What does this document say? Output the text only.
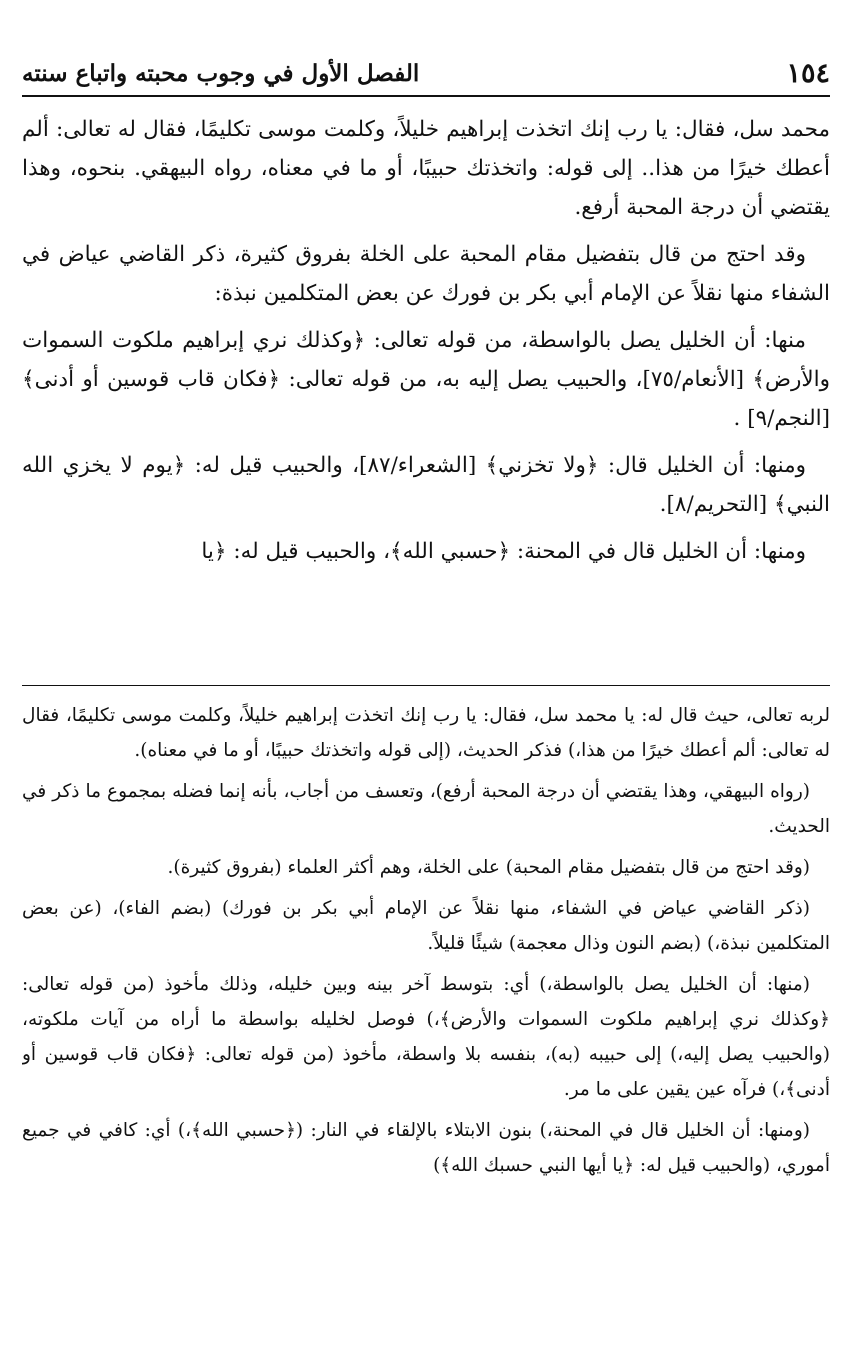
١٥٤
الفصل الأول في وجوب محبته واتباع سنته

محمد سل، فقال: يا رب إنك اتخذت إبراهيم خليلاً، وكلمت موسى تكليمًا، فقال له تعالى: ألم أعطك خيرًا من هذا.. إلى قوله: واتخذتك حبيبًا، أو ما في معناه، رواه البيهقي. بنحوه، وهذا يقتضي أن درجة المحبة أرفع.

وقد احتج من قال بتفضيل مقام المحبة على الخلة بفروق كثيرة، ذكر القاضي عياض في الشفاء منها نقلاً عن الإمام أبي بكر بن فورك عن بعض المتكلمين نبذة:

منها: أن الخليل يصل بالواسطة، من قوله تعالى: ﴿وكذلك نري إبراهيم ملكوت السموات والأرض﴾ [الأنعام/٧٥]، والحبيب يصل إليه به، من قوله تعالى: ﴿فكان قاب قوسين أو أدنى﴾ [النجم/٩] .

ومنها: أن الخليل قال: ﴿ولا تخزني﴾ [الشعراء/٨٧]، والحبيب قيل له: ﴿يوم لا يخزي الله النبي﴾ [التحريم/٨].

ومنها: أن الخليل قال في المحنة: ﴿حسبي الله﴾، والحبيب قيل له: ﴿يا

لربه تعالى، حيث قال له: يا محمد سل، فقال: يا رب إنك اتخذت إبراهيم خليلاً، وكلمت موسى تكليمًا، فقال له تعالى: ألم أعطك خيرًا من هذا،) فذكر الحديث، (إلى قوله واتخذتك حبيبًا، أو ما في معناه).

(رواه البيهقي، وهذا يقتضي أن درجة المحبة أرفع)، وتعسف من أجاب، بأنه إنما فضله بمجموع ما ذكر في الحديث.

(وقد احتج من قال بتفضيل مقام المحبة) على الخلة، وهم أكثر العلماء (بفروق كثيرة).

(ذكر القاضي عياض في الشفاء، منها نقلاً عن الإمام أبي بكر بن فورك) (بضم الفاء)، (عن بعض المتكلمين نبذة،) (بضم النون وذال معجمة) شيئًا قليلاً.

(منها: أن الخليل يصل بالواسطة،) أي: بتوسط آخر بينه وبين خليله، وذلك مأخوذ (من قوله تعالى: ﴿وكذلك نري إبراهيم ملكوت السموات والأرض﴾،) فوصل لخليله بواسطة ما أراه من آيات ملكوته، (والحبيب يصل إليه،) إلى حبيبه (به)، بنفسه بلا واسطة، مأخوذ (من قوله تعالى: ﴿فكان قاب قوسين أو أدنى﴾،) فرآه عين يقين على ما مر.

(ومنها: أن الخليل قال في المحنة،) بنون الابتلاء بالإلقاء في النار: (﴿حسبي الله﴾،) أي: كافي في جميع أموري، (والحبيب قيل له: ﴿يا أيها النبي حسبك الله﴾)
